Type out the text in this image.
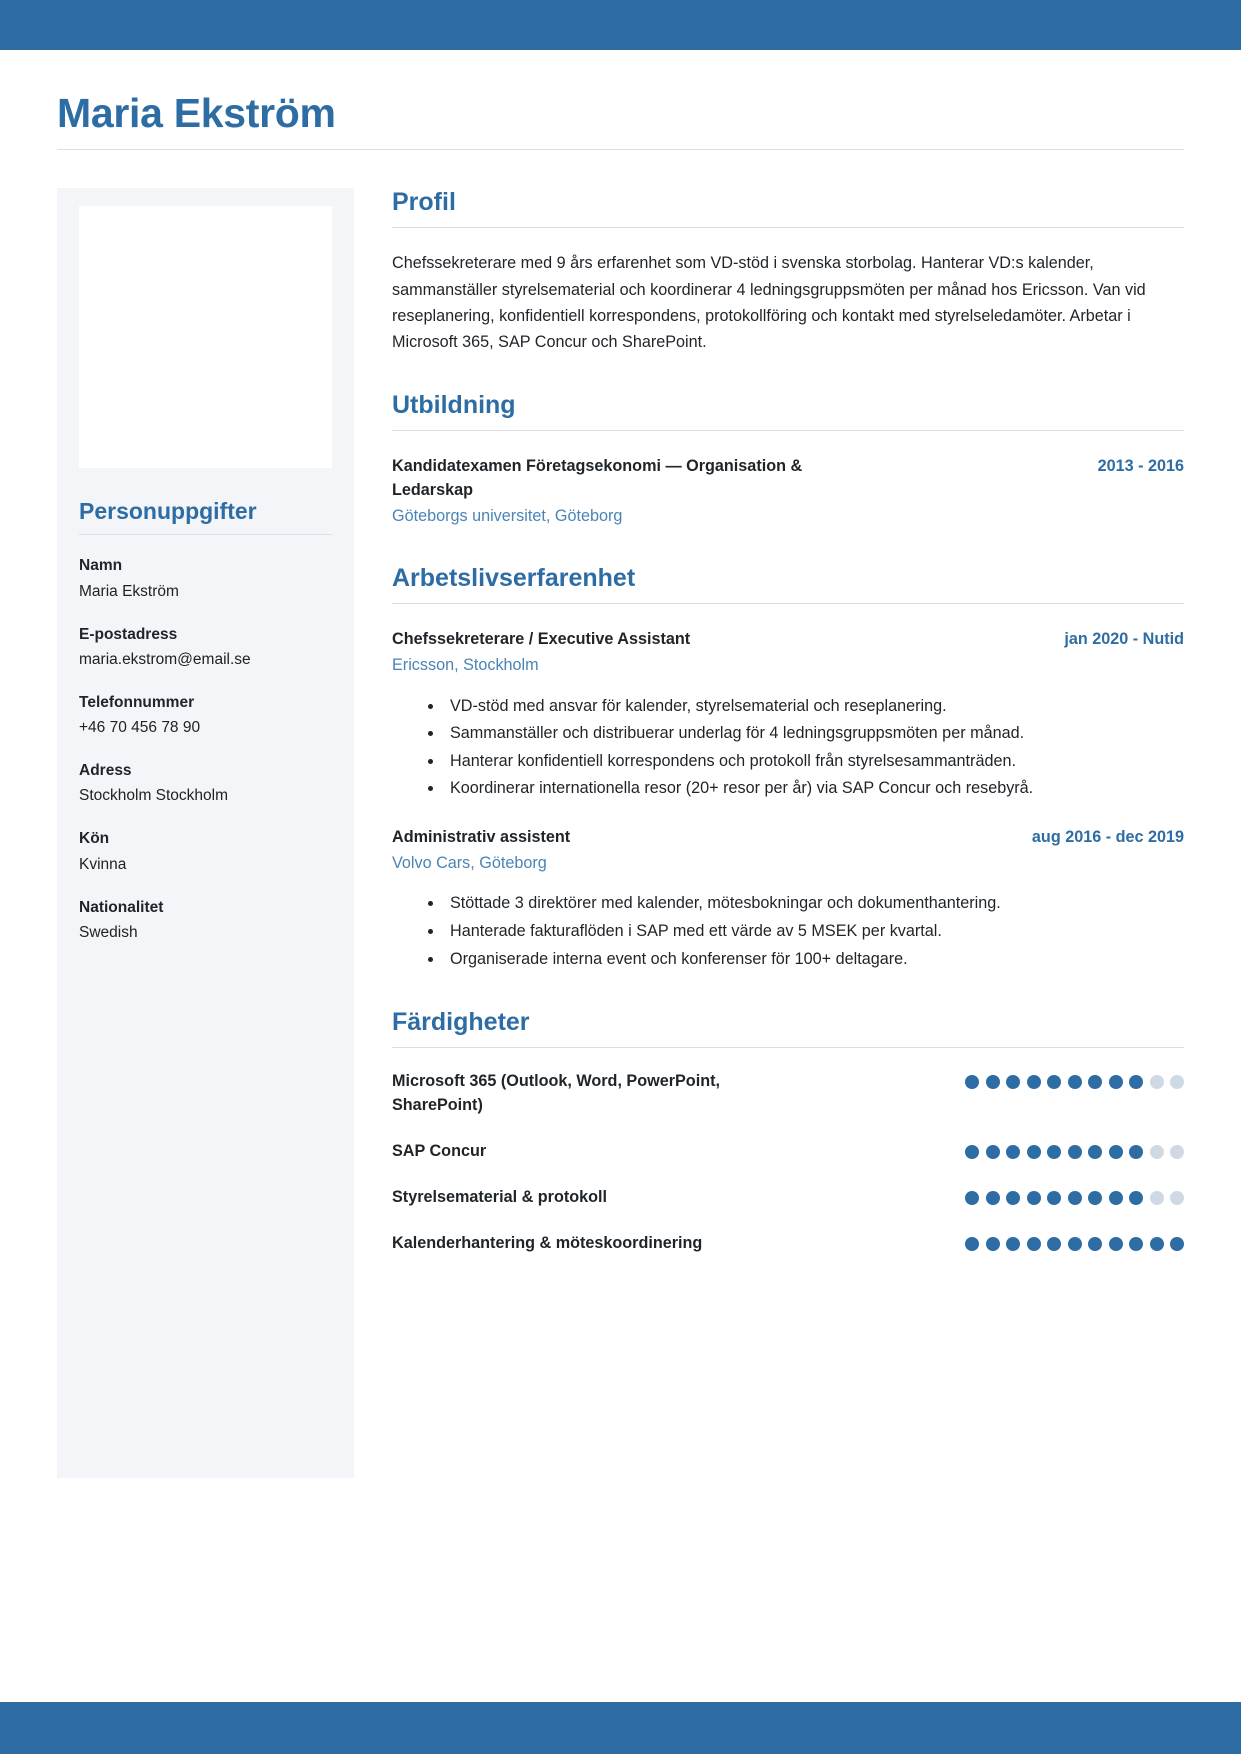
Maria Ekström
Personuppgifter
Namn
Maria Ekström
E-postadress
maria.ekstrom@email.se
Telefonnummer
+46 70 456 78 90
Adress
Stockholm Stockholm
Kön
Kvinna
Nationalitet
Swedish
Profil

Chefssekreterare med 9 års erfarenhet som VD-stöd i svenska storbolag. Hanterar VD:s kalender, sammanställer styrelsematerial och koordinerar 4 ledningsgruppsmöten per månad hos Ericsson. Van vid reseplanering, konfidentiell korrespondens, protokollföring och kontakt med styrelseledamöter. Arbetar i Microsoft 365, SAP Concur och SharePoint.

Utbildning
Kandidatexamen Företagsekonomi — Organisation & Ledarskap
2013 - 2016
Göteborgs universitet, Göteborg
Arbetslivserfarenhet
Chefssekreterare / Executive Assistant	jan 2020 - Nutid
Ericsson, Stockholm
• VD-stöd med ansvar för kalender, styrelsematerial och reseplanering.
• Sammanställer och distribuerar underlag för 4 ledningsgruppsmöten per månad.
• Hanterar konfidentiell korrespondens och protokoll från styrelsesammanträden.
• Koordinerar internationella resor (20+ resor per år) via SAP Concur och resebyrå.
Administrativ assistent	aug 2016 - dec 2019
Volvo Cars, Göteborg
• Stöttade 3 direktörer med kalender, mötesbokningar och dokumenthantering.
• Hanterade fakturaflöden i SAP med ett värde av 5 MSEK per kvartal.
• Organiserade interna event och konferenser för 100+ deltagare.
Färdigheter
Microsoft 365 (Outlook, Word, PowerPoint, SharePoint)
SAP Concur
Styrelsematerial & protokoll
Kalenderhantering & möteskoordinering
